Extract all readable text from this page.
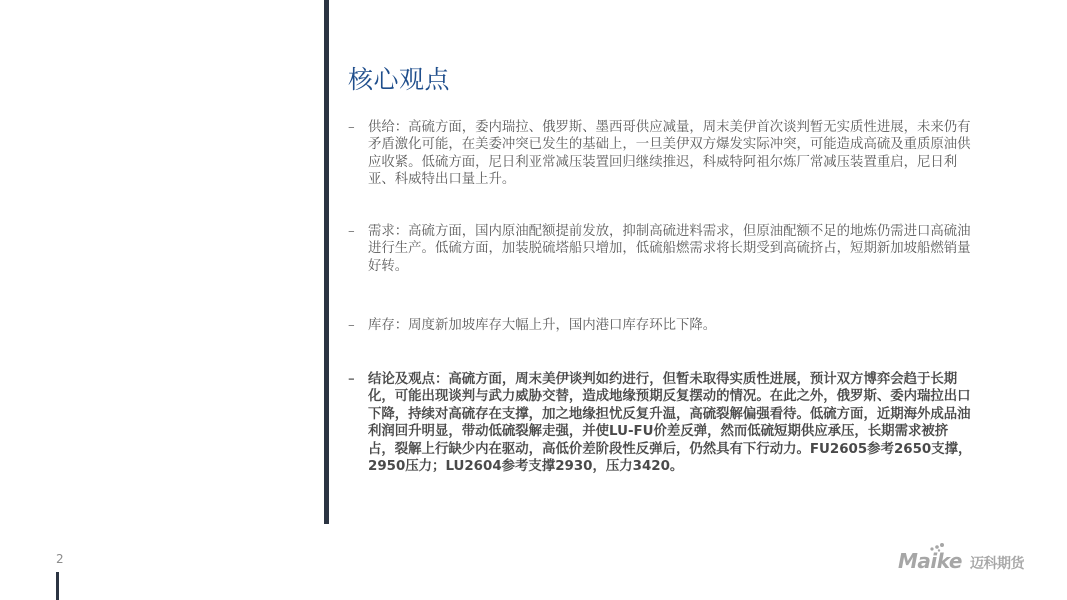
核心观点
– 供给：高硫方面，委内瑞拉、俄罗斯、墨西哥供应减量，周末美伊首次谈判暂无实质性进展，未来仍有矛盾激化可能，在美委冲突已发生的基础上，一旦美伊双方爆发实际冲突，可能造成高硫及重质原油供应收紧。低硫方面，尼日利亚常减压装置回归继续推迟，科威特阿祖尔炼厂常减压装置重启，尼日利亚、科威特出口量上升。
– 需求：高硫方面，国内原油配额提前发放，抑制高硫进料需求，但原油配额不足的地炼仍需进口高硫油进行生产。低硫方面，加装脱硫塔船只增加，低硫船燃需求将长期受到高硫挤占，短期新加坡船燃销量好转。
– 库存：周度新加坡库存大幅上升，国内港口库存环比下降。
– 结论及观点：高硫方面，周末美伊谈判如约进行，但暂未取得实质性进展，预计双方博弈会趋于长期化，可能出现谈判与武力威胁交替，造成地缘预期反复摆动的情况。在此之外，俄罗斯、委内瑞拉出口下降，持续对高硫存在支撑，加之地缘担忧反复升温，高硫裂解偏强看待。低硫方面，近期海外成品油利润回升明显，带动低硫裂解走强，并使LU-FU价差反弹，然而低硫短期供应承压，长期需求被挤占，裂解上行缺少内在驱动，高低价差阶段性反弹后，仍然具有下行动力。FU2605参考2650支撑，2950压力；LU2604参考支撑2930，压力3420。
2	Maike 迈科期货
